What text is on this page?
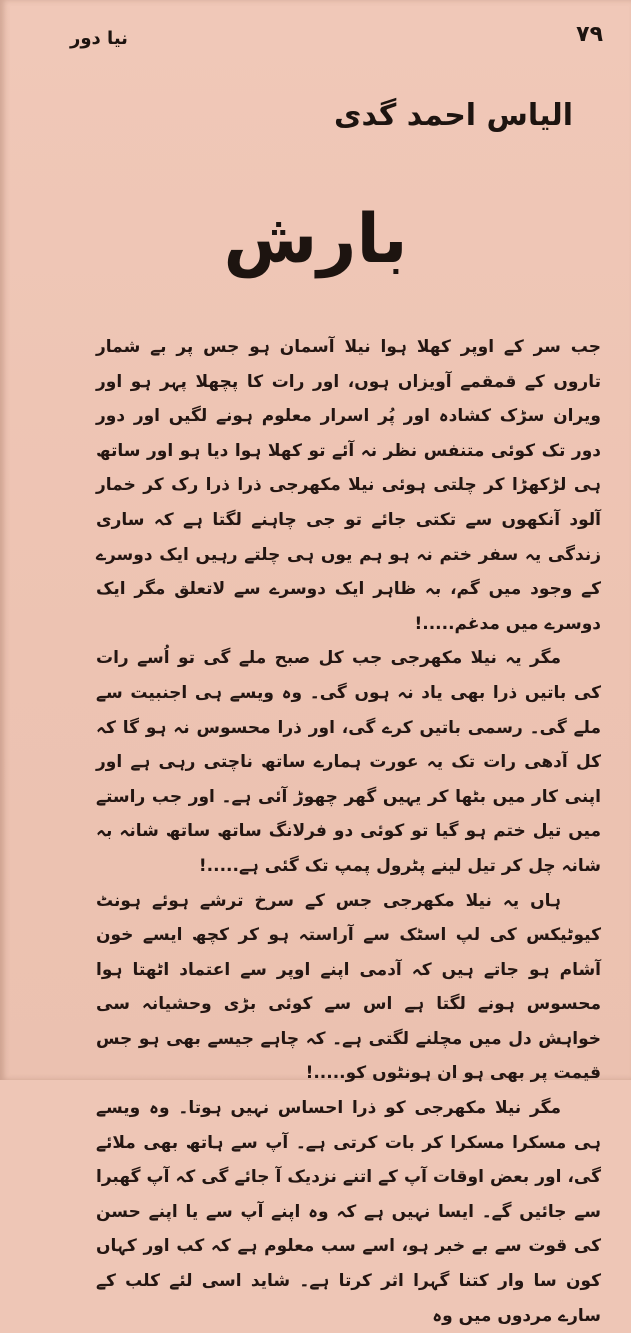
نیا دور	۷۹
الیاس احمد گدی
بارش

جب سر کے اوپر کھلا ہوا نیلا آسمان ہو جس پر بے شمار تاروں کے قمقمے آویزاں ہوں، اور رات کا پچھلا پہر ہو اور ویران سڑک کشادہ اور پُر اسرار معلوم ہونے لگیں اور دور دور تک کوئی متنفس نظر نہ آئے تو کھلا ہوا دیا ہو اور ساتھ ہی لڑکھڑا کر چلتی ہوئی نیلا مکھرجی ذرا ذرا رک کر خمار آلود آنکھوں سے تکتی جائے تو جی چاہنے لگتا ہے کہ ساری زندگی یہ سفر ختم نہ ہو ہم یوں ہی چلتے رہیں ایک دوسرے کے وجود میں گم، بہ ظاہر ایک دوسرے سے لاتعلق مگر ایک دوسرے میں مدغم.....!

مگر یہ نیلا مکھرجی جب کل صبح ملے گی تو اُسے رات کی باتیں ذرا بھی یاد نہ ہوں گی۔ وہ ویسے ہی اجنبیت سے ملے گی۔ رسمی باتیں کرے گی، اور ذرا محسوس نہ ہو گا کہ کل آدھی رات تک یہ عورت ہمارے ساتھ ناچتی رہی ہے اور اپنی کار میں بٹھا کر یہیں گھر چھوڑ آئی ہے۔ اور جب راستے میں تیل ختم ہو گیا تو کوئی دو فرلانگ ساتھ ساتھ شانہ بہ شانہ چل کر تیل لینے پٹرول پمپ تک گئی ہے.....!

ہاں یہ نیلا مکھرجی جس کے سرخ ترشے ہوئے ہونٹ کیوٹیکس کی لپ اسٹک سے آراستہ ہو کر کچھ ایسے خون آشام ہو جاتے ہیں کہ آدمی اپنے اوپر سے اعتماد اٹھتا ہوا محسوس ہونے لگتا ہے اس سے کوئی بڑی وحشیانہ سی خواہش دل میں مچلنے لگتی ہے۔ کہ چاہے جیسے بھی ہو جس قیمت پر بھی ہو ان ہونٹوں کو.....!

مگر نیلا مکھرجی کو ذرا احساس نہیں ہوتا۔ وہ ویسے ہی مسکرا مسکرا کر بات کرتی ہے۔ آپ سے ہاتھ بھی ملائے گی، اور بعض اوقات آپ کے اتنے نزدیک آ جائے گی کہ آپ گھبرا سے جائیں گے۔ ایسا نہیں ہے کہ وہ اپنے آپ سے یا اپنے حسن کی قوت سے بے خبر ہو، اسے سب معلوم ہے کہ کب اور کہاں کون سا وار کتنا گہرا اثر کرتا ہے۔ شاید اسی لئے کلب کے سارے مردوں میں وہ
